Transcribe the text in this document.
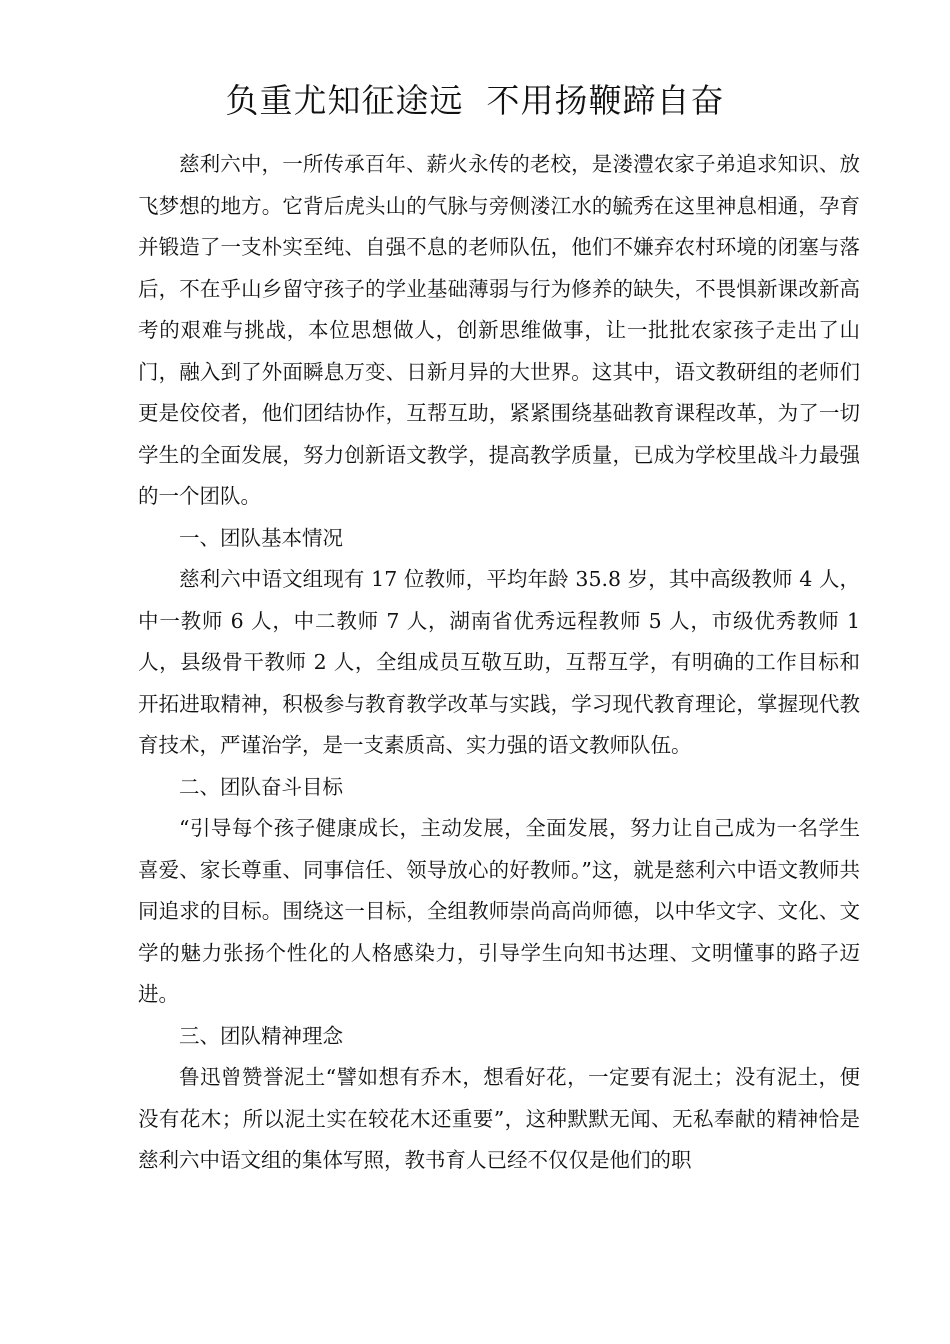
负重尤知征途远  不用扬鞭蹄自奋

慈利六中，一所传承百年、薪火永传的老校，是溇澧农家子弟追求知识、放飞梦想的地方。它背后虎头山的气脉与旁侧溇江水的毓秀在这里神息相通，孕育并锻造了一支朴实至纯、自强不息的老师队伍，他们不嫌弃农村环境的闭塞与落后，不在乎山乡留守孩子的学业基础薄弱与行为修养的缺失，不畏惧新课改新高考的艰难与挑战，本位思想做人，创新思维做事，让一批批农家孩子走出了山门，融入到了外面瞬息万变、日新月异的大世界。这其中，语文教研组的老师们更是佼佼者，他们团结协作，互帮互助，紧紧围绕基础教育课程改革，为了一切学生的全面发展，努力创新语文教学，提高教学质量，已成为学校里战斗力最强的一个团队。

一、团队基本情况

慈利六中语文组现有 17 位教师，平均年龄 35.8 岁，其中高级教师 4 人，中一教师 6 人，中二教师 7 人，湖南省优秀远程教师 5 人，市级优秀教师 1 人，县级骨干教师 2 人，全组成员互敬互助，互帮互学，有明确的工作目标和开拓进取精神，积极参与教育教学改革与实践，学习现代教育理论，掌握现代教育技术，严谨治学，是一支素质高、实力强的语文教师队伍。

二、团队奋斗目标

“引导每个孩子健康成长，主动发展，全面发展，努力让自己成为一名学生喜爱、家长尊重、同事信任、领导放心的好教师。”这，就是慈利六中语文教师共同追求的目标。围绕这一目标，全组教师崇尚高尚师德，以中华文字、文化、文学的魅力张扬个性化的人格感染力，引导学生向知书达理、文明懂事的路子迈进。

三、团队精神理念

鲁迅曾赞誉泥土“譬如想有乔木，想看好花，一定要有泥土；没有泥土，便没有花木；所以泥土实在较花木还重要”，这种默默无闻、无私奉献的精神恰是慈利六中语文组的集体写照，教书育人已经不仅仅是他们的职
